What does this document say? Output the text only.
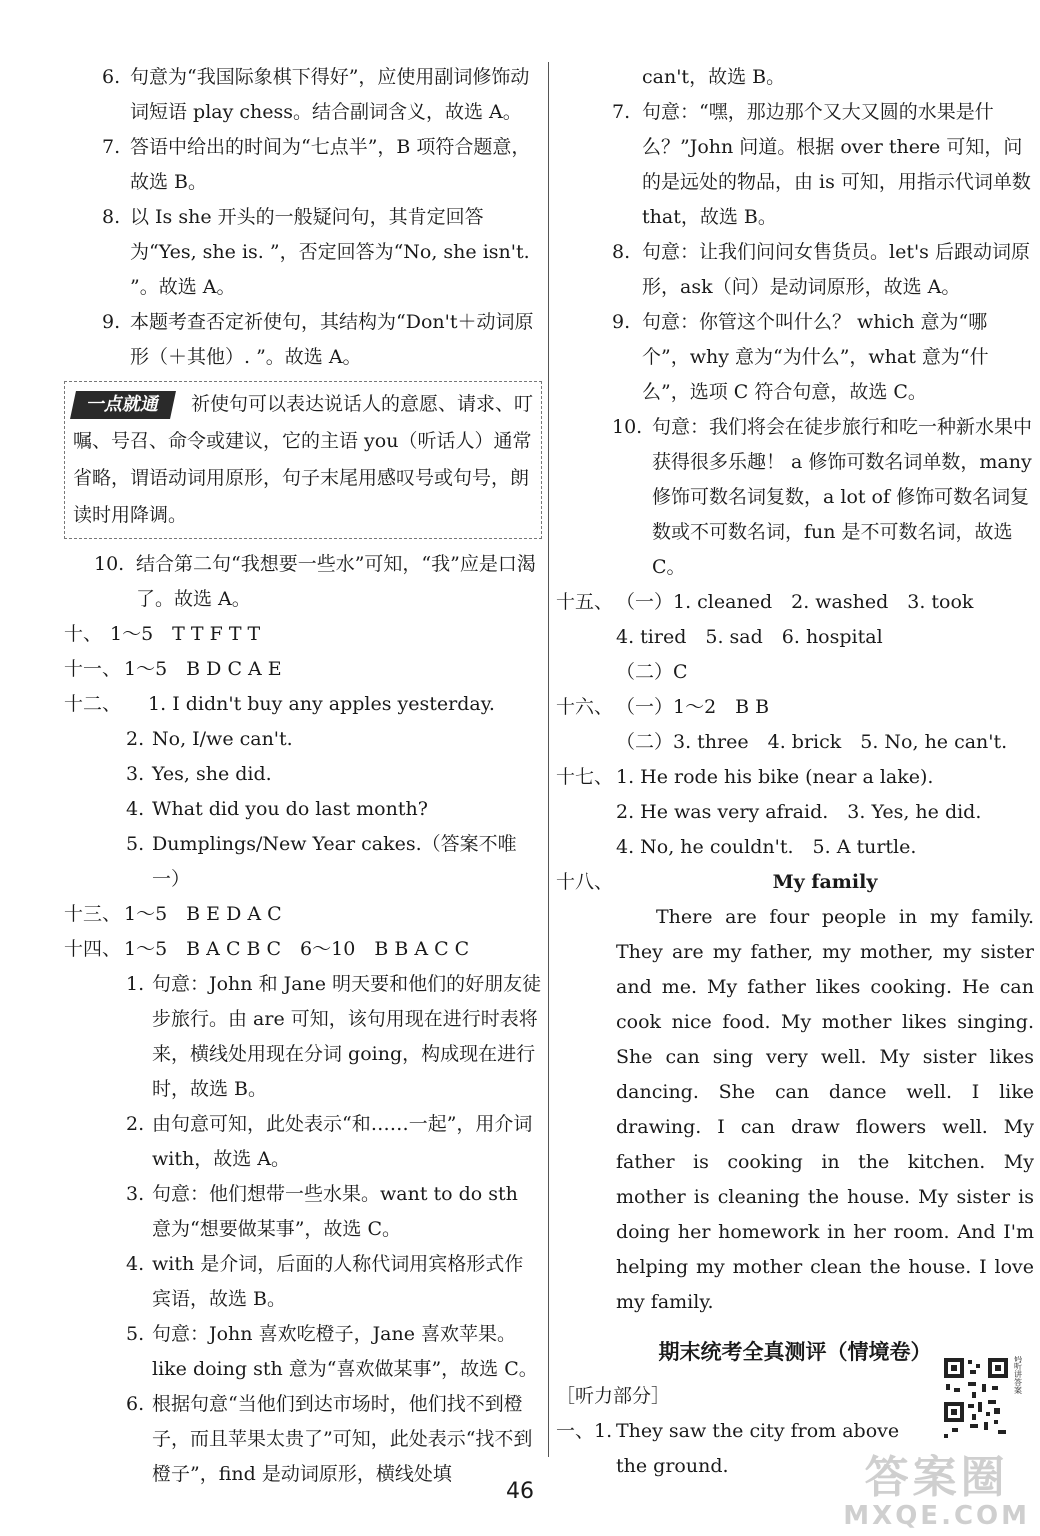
6. 句意为“我国际象棋下得好”，应使用副词修饰动词短语 play chess。结合副词含义，故选 A。
7. 答语中给出的时间为“七点半”，B 项符合题意，故选 B。
8. 以 Is she 开头的一般疑问句，其肯定回答为“Yes, she is. ”，否定回答为“No, she isn't. ”。故选 A。
9. 本题考查否定祈使句，其结构为“Don't＋动词原形（＋其他）. ”。故选 A。
一点就通 祈使句可以表达说话人的意愿、请求、叮嘱、号召、命令或建议，它的主语 you（听话人）通常省略，谓语动词用原形，句子末尾用感叹号或句号，朗读时用降调。
10. 结合第二句“我想要一些水”可知，“我”应是口渴了。故选 A。
十、 1～5　T T F T T
十一、 1～5　B D C A E
十二、 1. I didn't buy any apples yesterday.
2. No, I/we can't.
3. Yes, she did.
4. What did you do last month?
5. Dumplings/New Year cakes.（答案不唯一）
十三、 1～5　B E D A C
十四、 1～5　B A C B C　6～10　B B A C C
1. 句意：John 和 Jane 明天要和他们的好朋友徒步旅行。由 are 可知，该句用现在进行时表将来，横线处用现在分词 going，构成现在进行时，故选 B。
2. 由句意可知，此处表示“和……一起”，用介词 with，故选 A。
3. 句意：他们想带一些水果。want to do sth 意为“想要做某事”，故选 C。
4. with 是介词，后面的人称代词用宾格形式作宾语，故选 B。
5. 句意：John 喜欢吃橙子，Jane 喜欢苹果。like doing sth 意为“喜欢做某事”，故选 C。
6. 根据句意“当他们到达市场时，他们找不到橙子，而且苹果太贵了”可知，此处表示“找不到橙子”，find 是动词原形，横线处填
can't，故选 B。
7. 句意：“嘿，那边那个又大又圆的水果是什么？”John 问道。根据 over there 可知，问的是远处的物品，由 is 可知，用指示代词单数 that，故选 B。
8. 句意：让我们问问女售货员。let's 后跟动词原形，ask（问）是动词原形，故选 A。
9. 句意：你管这个叫什么？ which 意为“哪个”，why 意为“为什么”，what 意为“什么”，选项 C 符合句意，故选 C。
10. 句意：我们将会在徒步旅行和吃一种新水果中获得很多乐趣！ a 修饰可数名词单数，many 修饰可数名词复数，a lot of 修饰可数名词复数或不可数名词，fun 是不可数名词，故选 C。
十五、 （一）1. cleaned　2. washed　3. took
4. tired　5. sad　6. hospital
（二）C
十六、 （一）1～2　B B
（二）3. three　4. brick　5. No, he can't.
十七、 1. He rode his bike (near a lake).
2. He was very afraid.　3. Yes, he did.
4. No, he couldn't.　5. A turtle.
十八、	My family
There are four people in my family. They are my father, my mother, my sister and me. My father likes cooking. He can cook nice food. My mother likes singing. She can sing very well. My sister likes dancing. She can dance well. I like drawing. I can draw flowers well. My father is cooking in the kitchen. My mother is cleaning the house. My sister is doing her homework in her room. And I'm helping my mother clean the house. I love my family.
期末统考全真测评（情境卷）
［听力部分］
一、1. They saw the city from above the ground.
扫码听讲答案
46	答案圈
MXQE.COM
